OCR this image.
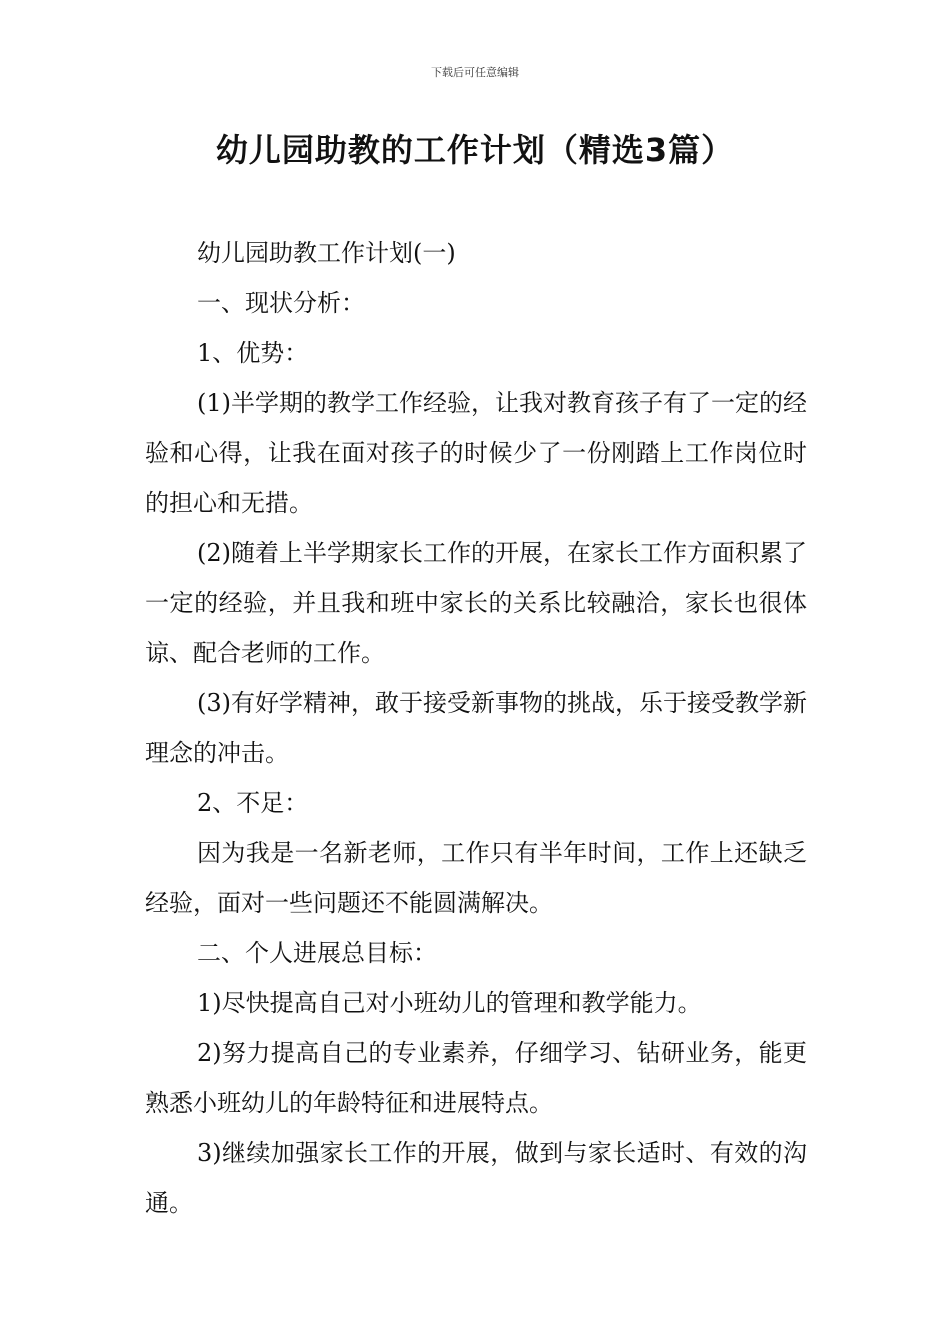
下载后可任意编辑
幼儿园助教的工作计划（精选3篇）

幼儿园助教工作计划(一)

一、现状分析：

1、优势：

(1)半学期的教学工作经验，让我对教育孩子有了一定的经验和心得，让我在面对孩子的时候少了一份刚踏上工作岗位时的担心和无措。

(2)随着上半学期家长工作的开展，在家长工作方面积累了一定的经验，并且我和班中家长的关系比较融洽，家长也很体谅、配合老师的工作。

(3)有好学精神，敢于接受新事物的挑战，乐于接受教学新理念的冲击。

2、不足：

因为我是一名新老师，工作只有半年时间，工作上还缺乏经验，面对一些问题还不能圆满解决。

二、个人进展总目标：

1)尽快提高自己对小班幼儿的管理和教学能力。

2)努力提高自己的专业素养，仔细学习、钻研业务，能更熟悉小班幼儿的年龄特征和进展特点。

3)继续加强家长工作的开展，做到与家长适时、有效的沟通。
